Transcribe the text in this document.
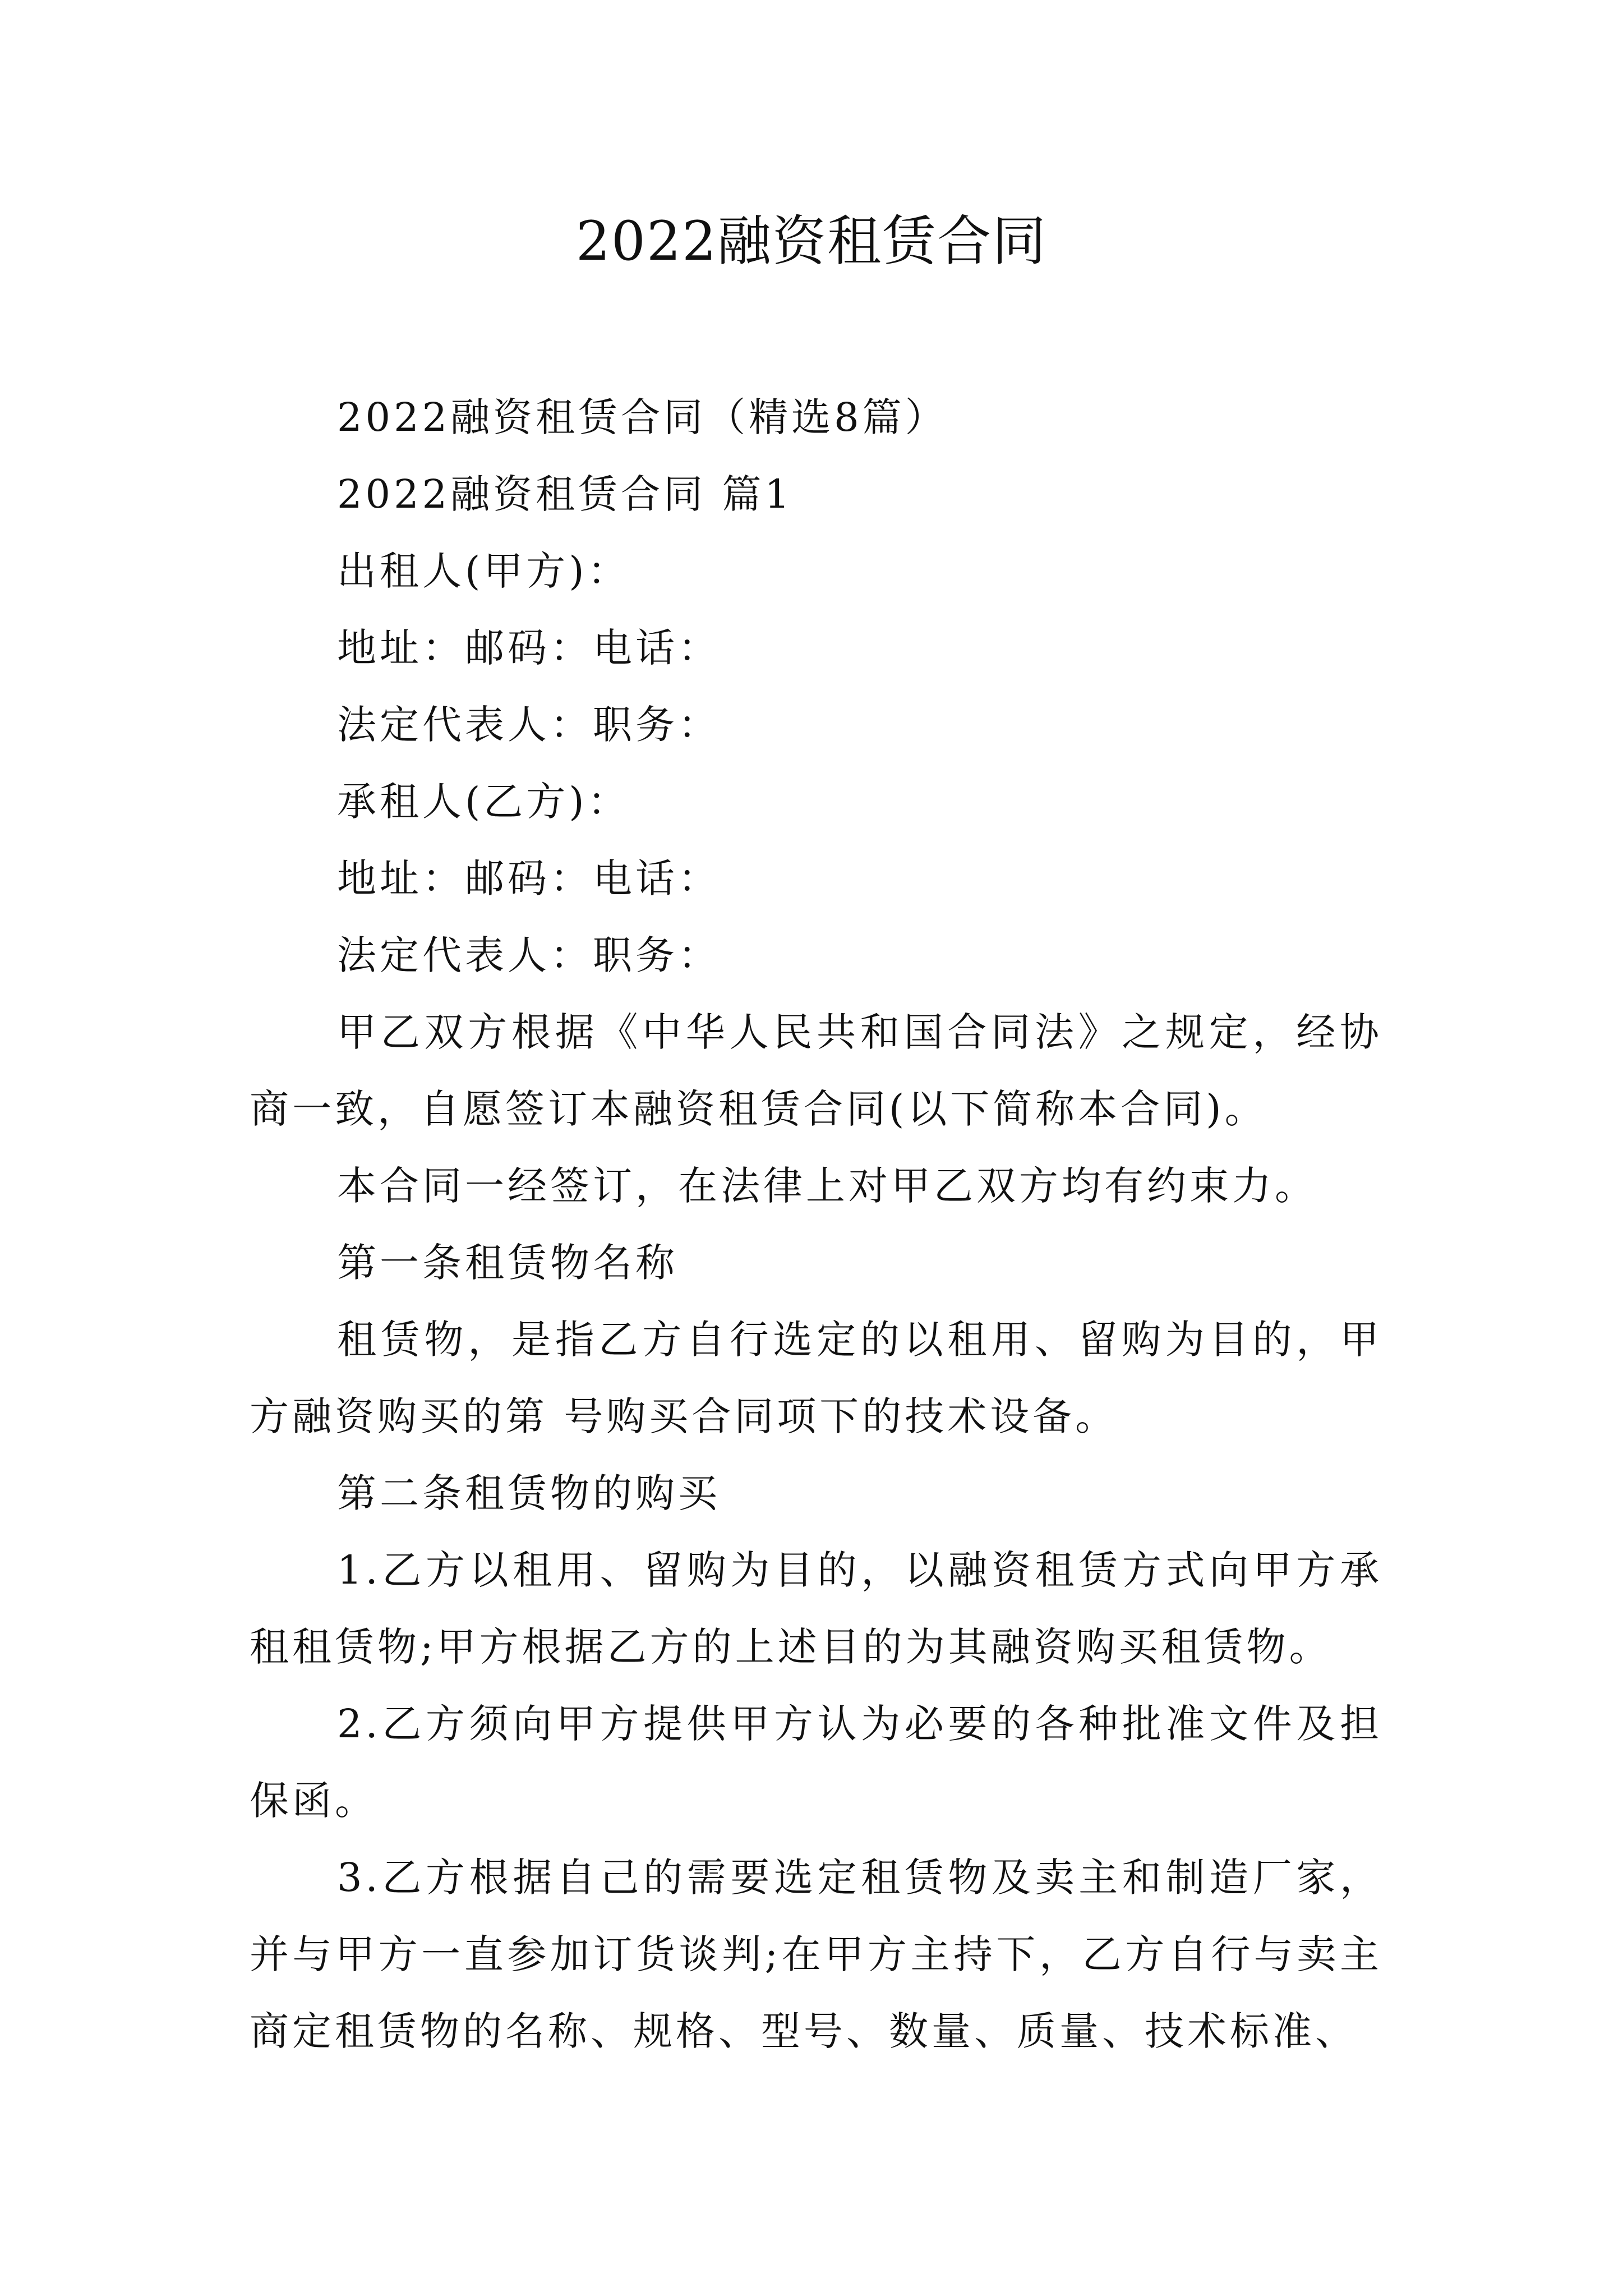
2022融资租赁合同

2022融资租赁合同（精选8篇）

2022融资租赁合同 篇1

出租人(甲方)：

地址：邮码：电话：

法定代表人：职务：

承租人(乙方)：

地址：邮码：电话：

法定代表人：职务：

甲乙双方根据《中华人民共和国合同法》之规定，经协商一致，自愿签订本融资租赁合同(以下简称本合同)。

本合同一经签订，在法律上对甲乙双方均有约束力。

第一条租赁物名称

租赁物，是指乙方自行选定的以租用、留购为目的，甲方融资购买的第 号购买合同项下的技术设备。

第二条租赁物的购买

1.乙方以租用、留购为目的，以融资租赁方式向甲方承租租赁物;甲方根据乙方的上述目的为其融资购买租赁物。

2.乙方须向甲方提供甲方认为必要的各种批准文件及担保函。

3.乙方根据自己的需要选定租赁物及卖主和制造厂家，并与甲方一直参加订货谈判;在甲方主持下，乙方自行与卖主商定租赁物的名称、规格、型号、数量、质量、技术标准、
